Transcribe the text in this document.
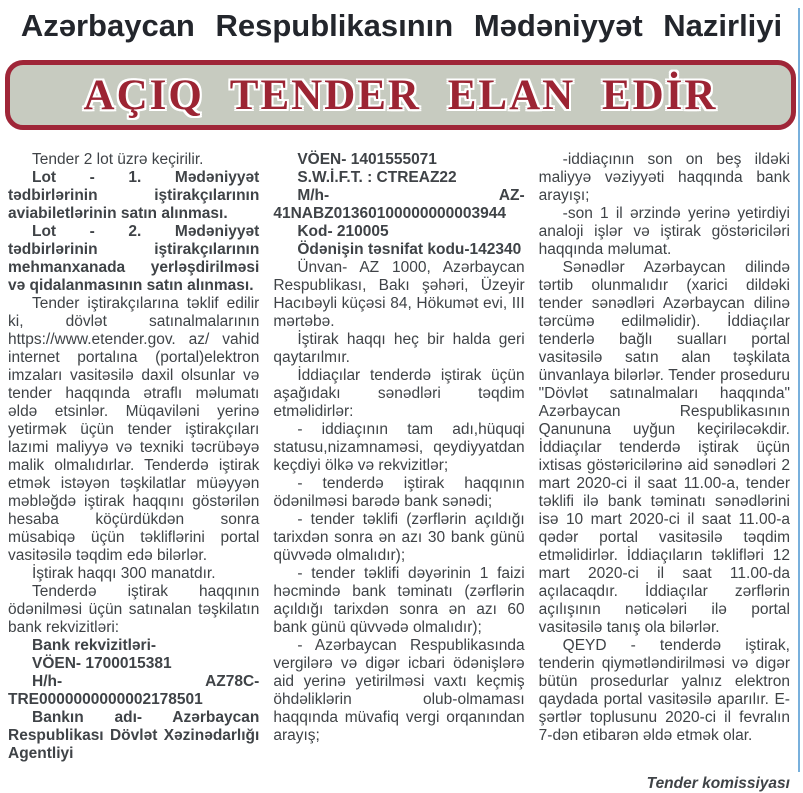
Azərbaycan Respublikasının Mədəniyyət Nazirliyi
AÇIQ TENDER ELAN EDİR

Tender 2 lot üzrə keçirilir.

Lot - 1. Mədəniyyət tədbirlərinin iştirakçılarının aviabiletlərinin satın alınması.

Lot - 2. Mədəniyyət tədbirlərinin iştirakçılarının mehmanxanada yerləşdirilməsi və qidalanmasının satın alınması.

Tender iştirakçılarına təklif edilir ki, dövlət satınalmalarının https://www.etender.gov. az/ vahid internet portalına (portal)elektron imzaları vasitəsilə daxil olsunlar və tender haqqında ətraflı məlumatı əldə etsinlər. Müqaviləni yerinə yetirmək üçün tender iştirakçıları lazımi maliyyə və texniki təcrübəyə malik olmalıdırlar. Tenderdə iştirak etmək istəyən təşkilatlar müəyyən məbləğdə iştirak haqqını göstərilən hesaba köçürdükdən sonra müsabiqə üçün təkliflərini portal vasitəsilə təqdim edə bilərlər.

İştirak haqqı 300 manatdır.

Tenderdə iştirak haqqının ödənilməsi üçün satınalan təşkilatın bank rekvizitləri:

Bank rekvizitləri-

VÖEN- 1700015381

H/h- AZ78C-TRE0000000000002178501

Bankın adı- Azərbaycan Respublikası Dövlət Xəzinədarlığı Agentliyi

VÖEN- 1401555071

S.W.İ.F.T. : CTREAZ22

M/h- AZ-41NABZ01360100000000003944

Kod- 210005

Ödənişin təsnifat kodu-142340

Ünvan- AZ 1000, Azərbaycan Respublikası, Bakı şəhəri, Üzeyir Hacıbəyli küçəsi 84, Hökumət evi, III mərtəbə.

İştirak haqqı heç bir halda geri qaytarılmır.

İddiaçılar tenderdə iştirak üçün aşağıdakı sənədləri təqdim etməlidirlər:

- iddiaçının tam adı,hüquqi statusu,nizamnaməsi, qeydiyyatdan keçdiyi ölkə və rekvizitlər;

- tenderdə iştirak haqqının ödənilməsi barədə bank sənədi;

- tender təklifi (zərflərin açıldığı tarixdən sonra ən azı 30 bank günü qüvvədə olmalıdır);

- tender təklifi dəyərinin 1 faizi həcmində bank təminatı (zərflərin açıldığı tarixdən sonra ən azı 60 bank günü qüvvədə olmalıdır);

- Azərbaycan Respublikasında vergilərə və digər icbari ödənişlərə aid yerinə yetirilməsi vaxtı keçmiş öhdəliklərin olub-olmaması haqqında müvafiq vergi orqanından arayış;

-iddiaçının son on beş ildəki maliyyə vəziyyəti haqqında bank arayışı;

-son 1 il ərzində yerinə yetirdiyi analoji işlər və iştirak göstəriciləri haqqında məlumat.

Sənədlər Azərbaycan dilində tərtib olunmalıdır (xarici dildəki tender sənədləri Azərbaycan dilinə tərcümə edilməlidir). İddiaçılar tenderlə bağlı sualları portal vasitəsilə satın alan təşkilata ünvanlaya bilərlər. Tender proseduru "Dövlət satınalmaları haqqında" Azərbaycan Respublikasının Qanununa uyğun keçiriləcəkdir. İddiaçılar tenderdə iştirak üçün ixtisas göstəricilərinə aid sənədləri 2 mart 2020-ci il saat 11.00-a, tender təklifi ilə bank təminatı sənədlərini isə 10 mart 2020-ci il saat 11.00-a qədər portal vasitəsilə təqdim etməlidirlər. İddiaçıların təklifləri 12 mart 2020-ci il saat 11.00-da açılacaqdır. İddiaçılar zərflərin açılışının nəticələri ilə portal vasitəsilə tanış ola bilərlər.

QEYD - tenderdə iştirak, tenderin qiymətləndirilməsi və digər bütün prosedurlar yalnız elektron qaydada portal vasitəsilə aparılır. E-şərtlər toplusunu 2020-ci il fevralın 7-dən etibarən əldə etmək olar.

Tender komissiyası
